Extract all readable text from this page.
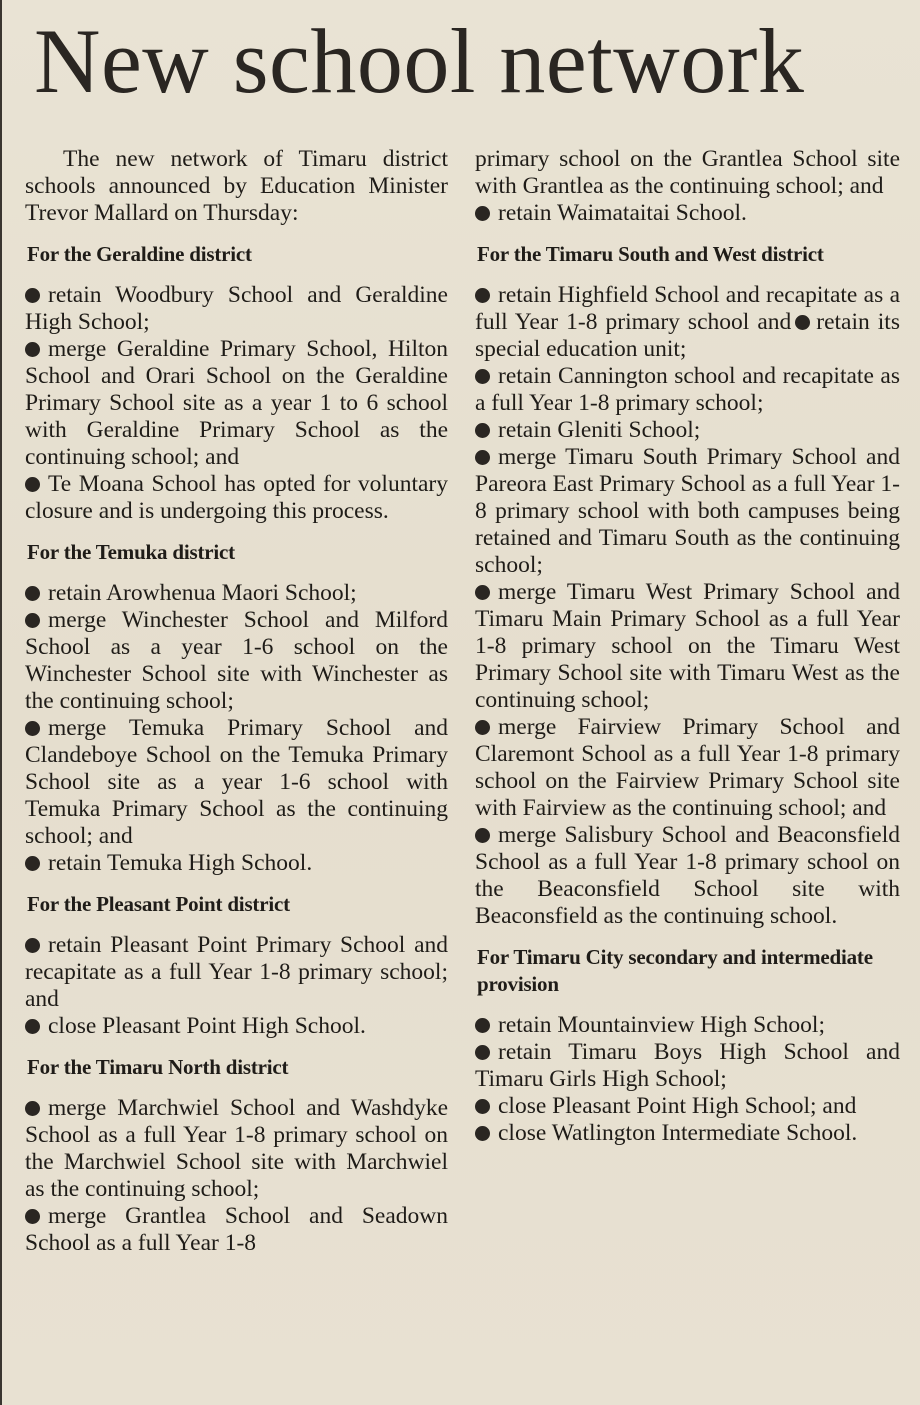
New school network

The new network of Timaru district schools announced by Education Minister Trevor Mallard on Thursday:

For the Geraldine district

retain Woodbury School and Geraldine High School;

merge Geraldine Primary School, Hilton School and Orari School on the Geraldine Primary School site as a year 1 to 6 school with Geraldine Primary School as the continuing school; and

Te Moana School has opted for voluntary closure and is undergoing this process.

For the Temuka district

retain Arowhenua Maori School;

merge Winchester School and Milford School as a year 1-6 school on the Winchester School site with Winchester as the continuing school;

merge Temuka Primary School and Clandeboye School on the Temuka Primary School site as a year 1-6 school with Temuka Primary School as the continuing school; and

retain Temuka High School.

For the Pleasant Point district

retain Pleasant Point Primary School and recapitate as a full Year 1-8 primary school; and

close Pleasant Point High School.

For the Timaru North district

merge Marchwiel School and Washdyke School as a full Year 1-8 primary school on the Marchwiel School site with Marchwiel as the continuing school;

merge Grantlea School and Seadown School as a full Year 1-8

primary school on the Grantlea School site with Grantlea as the continuing school; and

retain Waimataitai School.

For the Timaru South and West district

retain Highfield School and recapitate as a full Year 1-8 primary school and retain its special education unit;

retain Cannington school and recapitate as a full Year 1-8 primary school;

retain Gleniti School;

merge Timaru South Primary School and Pareora East Primary School as a full Year 1-8 primary school with both campuses being retained and Timaru South as the continuing school;

merge Timaru West Primary School and Timaru Main Primary School as a full Year 1-8 primary school on the Timaru West Primary School site with Timaru West as the continuing school;

merge Fairview Primary School and Claremont School as a full Year 1-8 primary school on the Fairview Primary School site with Fairview as the continuing school; and

merge Salisbury School and Beaconsfield School as a full Year 1-8 primary school on the Beaconsfield School site with Beaconsfield as the continuing school.

For Timaru City secondary and intermediate provision

retain Mountainview High School;

retain Timaru Boys High School and Timaru Girls High School;

close Pleasant Point High School; and

close Watlington Intermediate School.
